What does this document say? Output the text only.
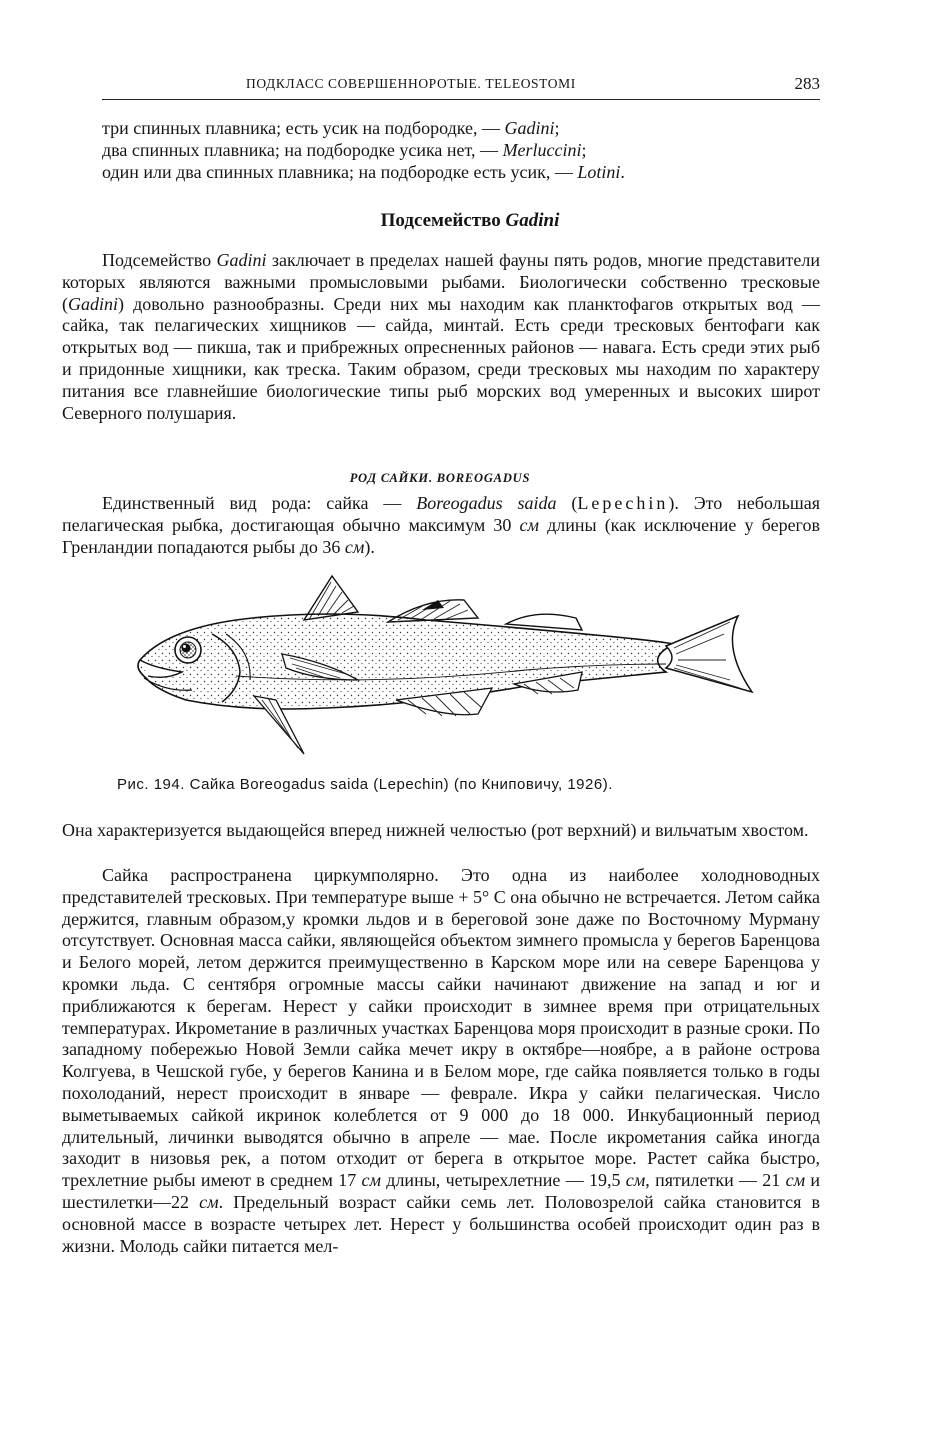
ПОДКЛАСС СОВЕРШЕННОРОТЫЕ. TELEOSTOMI	283

три спинных плавника; есть усик на подбородке, — Gadini;

два спинных плавника; на подбородке усика нет, — Merluccini;

один или два спинных плавника; на подбородке есть усик, — Lotini.

Подсемейство Gadini

Подсемейство Gadini заключает в пределах нашей фауны пять родов, многие представители которых являются важными промысловыми рыбами. Биологически собственно тресковые (Gadini) довольно разнообразны. Среди них мы находим как планктофагов открытых вод — сайка, так пелагических хищников — сайда, минтай. Есть среди тресковых бентофаги как открытых вод — пикша, так и прибрежных опресненных районов — навага. Есть среди этих рыб и придонные хищники, как треска. Таким образом, среди тресковых мы находим по характеру питания все главнейшие биологические типы рыб морских вод умеренных и высоких широт Северного полушария.

РОД САЙКИ. BOREOGADUS

Единственный вид рода: сайка — Boreogadus saida (Lepechin). Это небольшая пелагическая рыбка, достигающая обычно максимум 30 см длины (как исключение у берегов Гренландии попадаются рыбы до 36 см).

Рис. 194. Сайка Boreogadus saida (Lepechin) (по Книповичу, 1926).

Она характеризуется выдающейся вперед нижней челюстью (рот верхний) и вильчатым хвостом.

Сайка распространена циркумполярно. Это одна из наиболее холодноводных представителей тресковых. При температуре выше + 5° С она обычно не встречается. Летом сайка держится, главным образом,у кромки льдов и в береговой зоне даже по Восточному Мурману отсутствует. Основная масса сайки, являющейся объектом зимнего промысла у берегов Баренцова и Белого морей, летом держится преимущественно в Карском море или на севере Баренцова у кромки льда. С сентября огромные массы сайки начинают движение на запад и юг и приближаются к берегам. Нерест у сайки происходит в зимнее время при отрицательных температурах. Икрометание в различных участках Баренцова моря происходит в разные сроки. По западному побережью Новой Земли сайка мечет икру в октябре—ноябре, а в районе острова Колгуева, в Чешской губе, у берегов Канина и в Белом море, где сайка появляется только в годы похолоданий, нерест происходит в январе — феврале. Икра у сайки пелагическая. Число выметываемых сайкой икринок колеблется от 9 000 до 18 000. Инкубационный период длительный, личинки выводятся обычно в апреле — мае. После икрометания сайка иногда заходит в низовья рек, а потом отходит от берега в открытое море. Растет сайка быстро, трехлетние рыбы имеют в среднем 17 см длины, четырехлетние — 19,5 см, пятилетки — 21 см и шестилетки—22 см. Предельный возраст сайки семь лет. Половозрелой сайка становится в основной массе в возрасте четырех лет. Нерест у большинства особей происходит один раз в жизни. Молодь сайки питается мел-
